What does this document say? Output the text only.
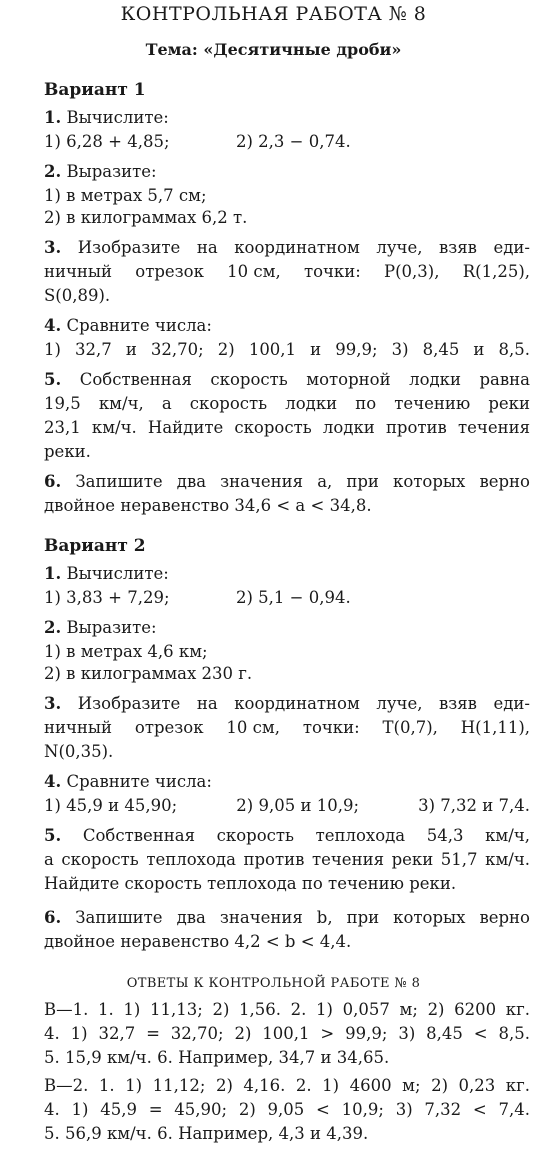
КОНТРОЛЬНАЯ РАБОТА № 8
Тема: «Десятичные дроби»
Вариант 1
1. Вычислите:
1) 6,28 + 4,85;	2) 2,3 − 0,74.
2. Выразите:
1) в метрах 5,7 см;
2) в килограммах 6,2 т.
3. Изобразите на координатном луче, взяв еди-
ничный отрезок 10 см, точки: P(0,3), R(1,25),
S(0,89).
4. Сравните числа:
1) 32,7 и 32,70; 2) 100,1 и 99,9; 3) 8,45 и 8,5.
5. Собственная скорость моторной лодки равна
19,5 км/ч, а скорость лодки по течению реки
23,1 км/ч. Найдите скорость лодки против течения
реки.
6. Запишите два значения a, при которых верно
двойное неравенство 34,6 < a < 34,8.
Вариант 2
1. Вычислите:
1) 3,83 + 7,29;	2) 5,1 − 0,94.
2. Выразите:
1) в метрах 4,6 км;
2) в килограммах 230 г.
3. Изобразите на координатном луче, взяв еди-
ничный отрезок 10 см, точки: T(0,7), H(1,11),
N(0,35).
4. Сравните числа:
1) 45,9 и 45,90;	2) 9,05 и 10,9;	3) 7,32 и 7,4.
5. Собственная скорость теплохода 54,3 км/ч,
а скорость теплохода против течения реки 51,7 км/ч.
Найдите скорость теплохода по течению реки.
6. Запишите два значения b, при которых верно
двойное неравенство 4,2 < b < 4,4.
ОТВЕТЫ К КОНТРОЛЬНОЙ РАБОТЕ № 8
В—1. 1. 1) 11,13; 2) 1,56. 2. 1) 0,057 м; 2) 6200 кг.
4. 1) 32,7 = 32,70; 2) 100,1 > 99,9; 3) 8,45 < 8,5.
5. 15,9 км/ч. 6. Например, 34,7 и 34,65.
В—2. 1. 1) 11,12; 2) 4,16. 2. 1) 4600 м; 2) 0,23 кг.
4. 1) 45,9 = 45,90; 2) 9,05 < 10,9; 3) 7,32 < 7,4.
5. 56,9 км/ч. 6. Например, 4,3 и 4,39.
